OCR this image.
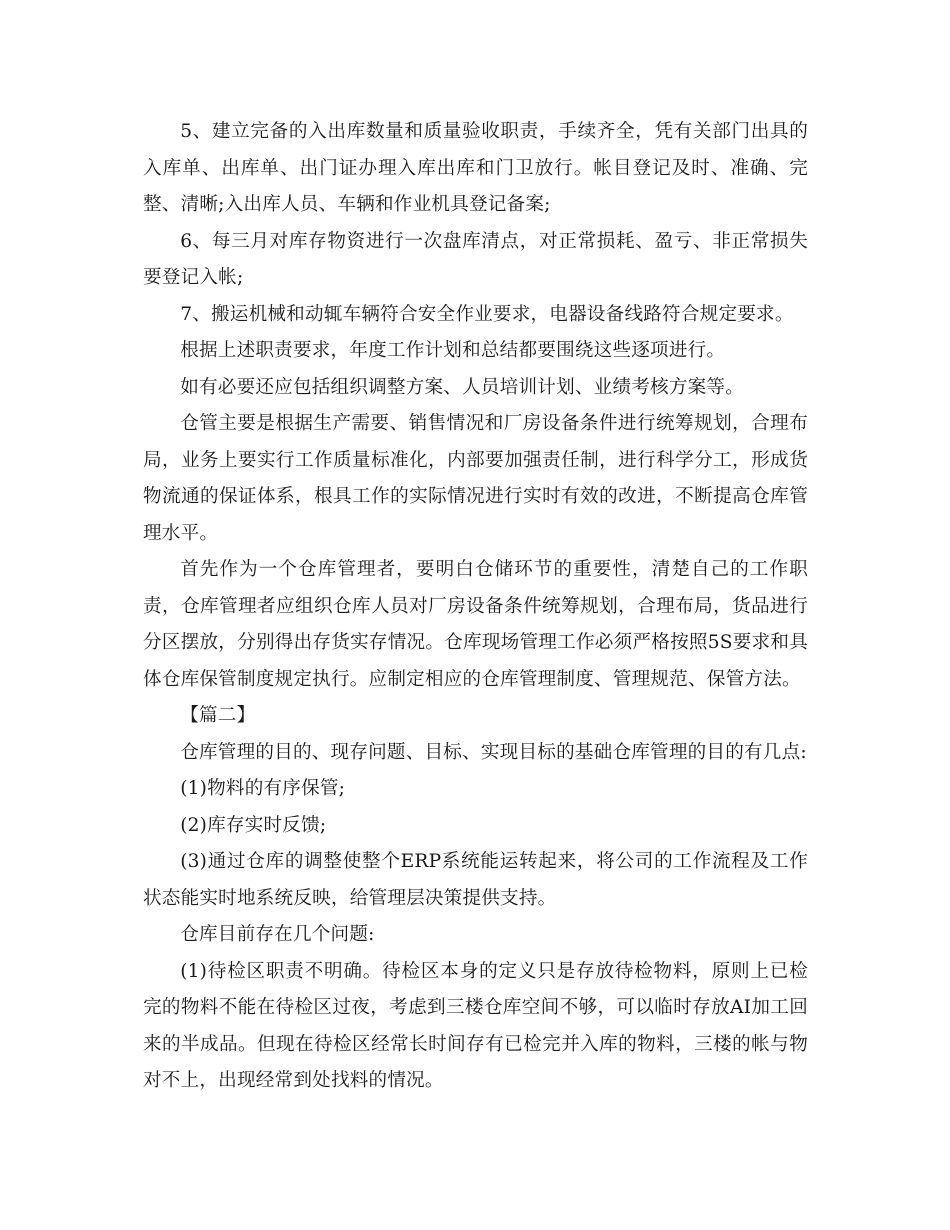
5、建立完备的入出库数量和质量验收职责，手续齐全，凭有关部门出具的入库单、出库单、出门证办理入库出库和门卫放行。帐目登记及时、准确、完整、清晰;入出库人员、车辆和作业机具登记备案;

6、每三月对库存物资进行一次盘库清点，对正常损耗、盈亏、非正常损失要登记入帐;

7、搬运机械和动辄车辆符合安全作业要求，电器设备线路符合规定要求。

根据上述职责要求，年度工作计划和总结都要围绕这些逐项进行。

如有必要还应包括组织调整方案、人员培训计划、业绩考核方案等。

仓管主要是根据生产需要、销售情况和厂房设备条件进行统筹规划，合理布局，业务上要实行工作质量标准化，内部要加强责任制，进行科学分工，形成货物流通的保证体系，根具工作的实际情况进行实时有效的改进，不断提高仓库管理水平。

首先作为一个仓库管理者，要明白仓储环节的重要性，清楚自己的工作职责，仓库管理者应组织仓库人员对厂房设备条件统筹规划，合理布局，货品进行分区摆放，分别得出存货实存情况。仓库现场管理工作必须严格按照5S要求和具体仓库保管制度规定执行。应制定相应的仓库管理制度、管理规范、保管方法。

【篇二】

仓库管理的目的、现存问题、目标、实现目标的基础仓库管理的目的有几点:

(1)物料的有序保管;

(2)库存实时反馈;

(3)通过仓库的调整使整个ERP系统能运转起来，将公司的工作流程及工作状态能实时地系统反映，给管理层决策提供支持。

仓库目前存在几个问题:

(1)待检区职责不明确。待检区本身的定义只是存放待检物料，原则上已检完的物料不能在待检区过夜，考虑到三楼仓库空间不够，可以临时存放AI加工回来的半成品。但现在待检区经常长时间存有已检完并入库的物料，三楼的帐与物对不上，出现经常到处找料的情况。
